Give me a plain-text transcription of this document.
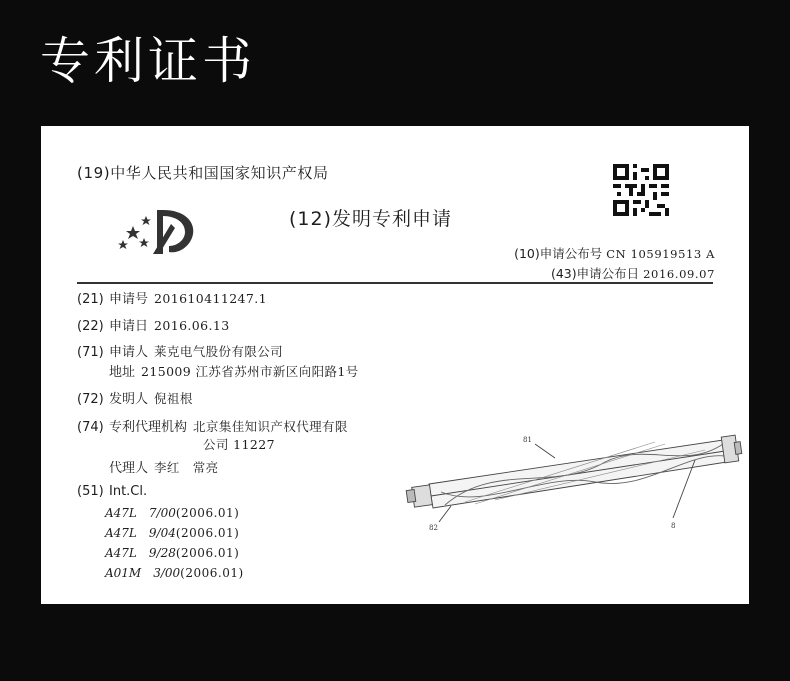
专利证书
(19)中华人民共和国国家知识产权局
(12)发明专利申请
(10)申请公布号 CN 105919513 A
(43)申请公布日 2016.09.07
(21) 申请号 201610411247.1
(22) 申请日 2016.06.13
(71) 申请人 莱克电气股份有限公司
地址 215009 江苏省苏州市新区向阳路1号
(72) 发明人 倪祖根
(74) 专利代理机构 北京集佳知识产权代理有限
公司 11227
代理人 李红　常亮
(51) Int.Cl.
A47L　7/00(2006.01)
A47L　9/04(2006.01)
A47L　9/28(2006.01)
A01M　3/00(2006.01)
81
82	8
